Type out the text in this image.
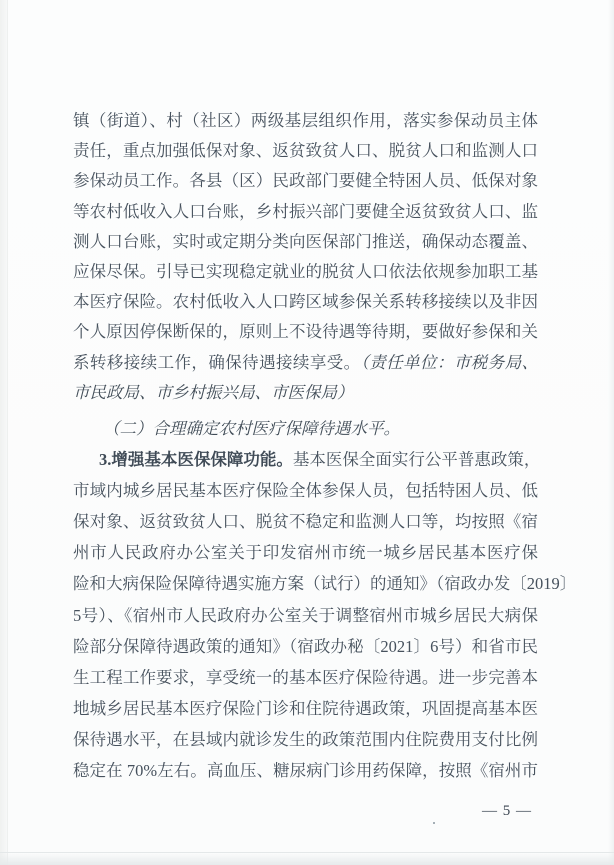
镇（街道）、村（社区）两级基层组织作用，落实参保动员主体
责任，重点加强低保对象、返贫致贫人口、脱贫人口和监测人口
参保动员工作。各县（区）民政部门要健全特困人员、低保对象
等农村低收入人口台账，乡村振兴部门要健全返贫致贫人口、监
测人口台账，实时或定期分类向医保部门推送，确保动态覆盖、
应保尽保。引导已实现稳定就业的脱贫人口依法依规参加职工基
本医疗保险。农村低收入人口跨区域参保关系转移接续以及非因
个人原因停保断保的，原则上不设待遇等待期，要做好参保和关
系转移接续工作，确保待遇接续享受。（责任单位：市税务局、
市民政局、市乡村振兴局、市医保局）
（二）合理确定农村医疗保障待遇水平。
3.增强基本医保保障功能。基本医保全面实行公平普惠政策，
市域内城乡居民基本医疗保险全体参保人员，包括特困人员、低
保对象、返贫致贫人口、脱贫不稳定和监测人口等，均按照《宿
州市人民政府办公室关于印发宿州市统一城乡居民基本医疗保
险和大病保险保障待遇实施方案（试行）的通知》（宿政办发〔2019〕
5号）、《宿州市人民政府办公室关于调整宿州市城乡居民大病保
险部分保障待遇政策的通知》（宿政办秘〔2021〕6号）和省市民
生工程工作要求，享受统一的基本医疗保险待遇。进一步完善本
地城乡居民基本医疗保险门诊和住院待遇政策，巩固提高基本医
保待遇水平，在县域内就诊发生的政策范围内住院费用支付比例
稳定在 70%左右。高血压、糖尿病门诊用药保障，按照《宿州市
— 5 —
